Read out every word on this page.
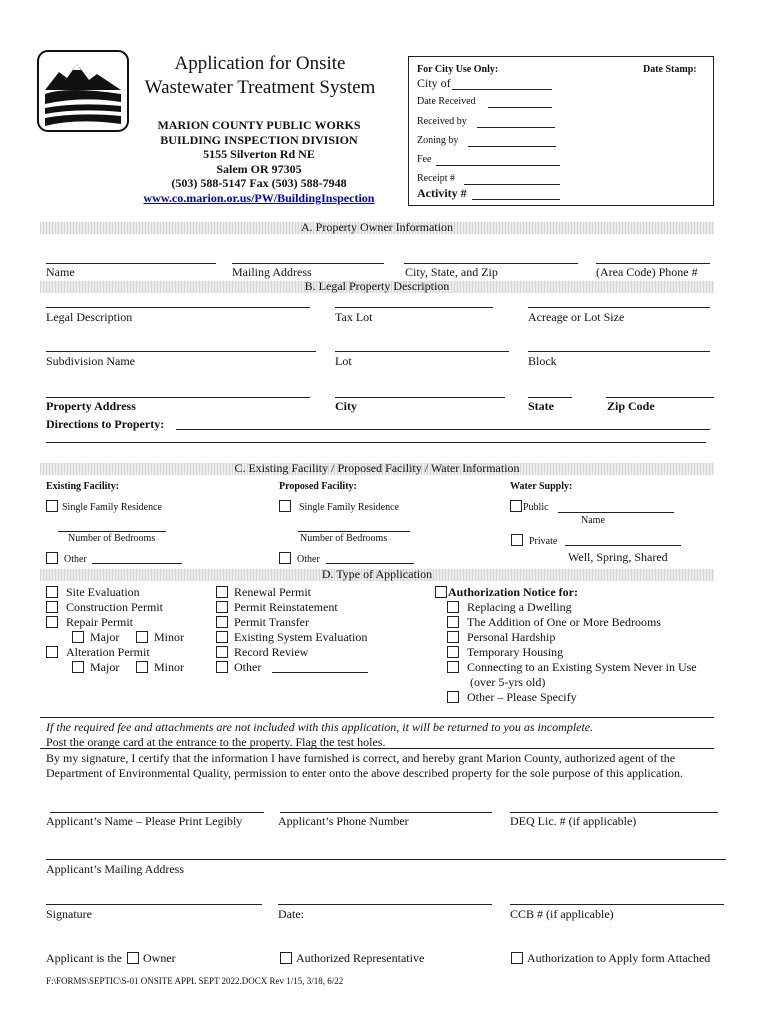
Application for Onsite
Wastewater Treatment System
MARION COUNTY PUBLIC WORKS
BUILDING INSPECTION DIVISION
5155 Silverton Rd NE
Salem OR 97305
(503) 588-5147 Fax (503) 588-7948
www.co.marion.or.us/PW/BuildingInspection
For City Use Only:	Date Stamp:
City of
Date Received
Received by
Zoning by
Fee
Receipt #
Activity #
A. Property Owner Information
Name	Mailing Address	City, State, and Zip	(Area Code) Phone #
B. Legal Property Description
Legal Description	Tax Lot	Acreage or Lot Size
Subdivision Name	Lot	Block
Property Address	City	State	Zip Code
Directions to Property:
C. Existing Facility / Proposed Facility / Water Information
Existing Facility:	Proposed Facility:	Water Supply:
Single Family Residence	Single Family Residence	Public
Name
Number of Bedrooms	Number of Bedrooms	Private
Other	Other	Well, Spring, Shared
D. Type of Application
Site Evaluation
Construction Permit
Repair Permit
Major	Minor
Alteration Permit
Major	Minor
Renewal Permit
Permit Reinstatement
Permit Transfer
Existing System Evaluation
Record Review
Other
Authorization Notice for:
Replacing a Dwelling
The Addition of One or More Bedrooms
Personal Hardship
Temporary Housing
Connecting to an Existing System Never in Use
(over 5-yrs old)
Other – Please Specify
If the required fee and attachments are not included with this application, it will be returned to you as incomplete.
Post the orange card at the entrance to the property. Flag the test holes.
By my signature, I certify that the information I have furnished is correct, and hereby grant Marion County, authorized agent of the
Department of Environmental Quality, permission to enter onto the above described property for the sole purpose of this application.
Applicant’s Name – Please Print Legibly	Applicant’s Phone Number	DEQ Lic. # (if applicable)
Applicant’s Mailing Address
Signature	Date:	CCB # (if applicable)
Applicant is the Owner	Authorized Representative	Authorization to Apply form Attached
F:\FORMS\SEPTIC\S-01 ONSITE APPL SEPT 2022.DOCX Rev 1/15, 3/18, 6/22
